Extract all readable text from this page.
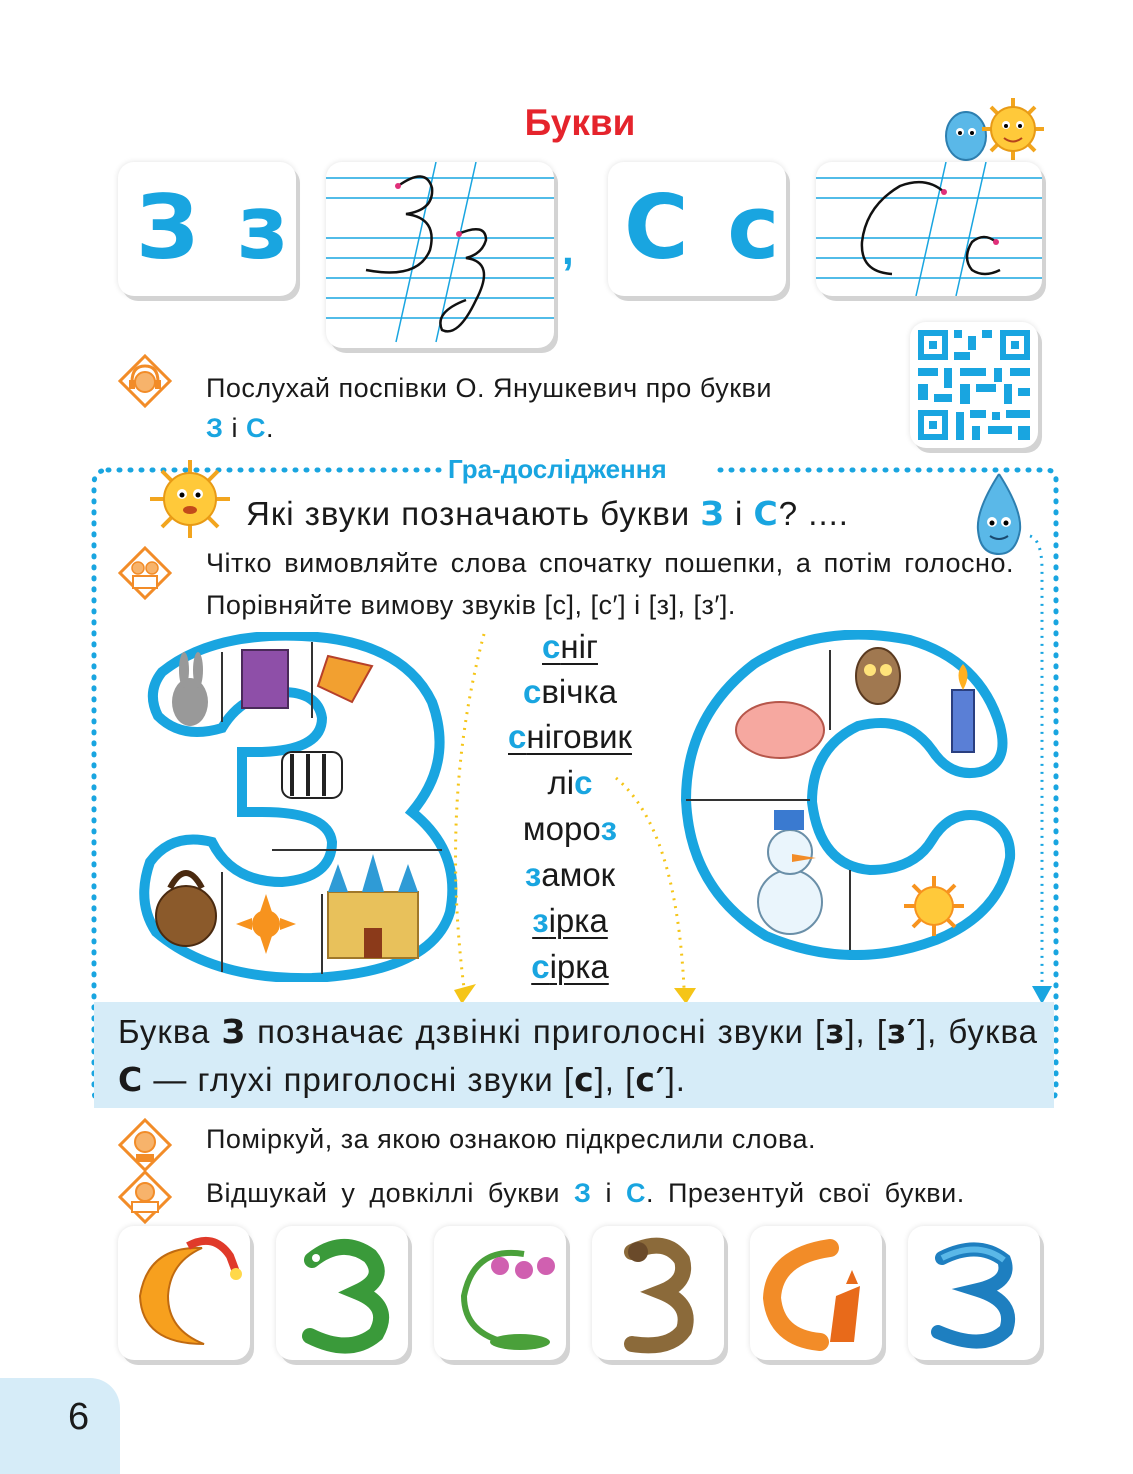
Букви
З з	, С с
Послухай поспівки О. Янушкевич про букви
З і С.
Гра-дослідження
Які звуки позначають букви З і С? ....
Чітко вимовляйте слова спочатку пошепки, а потім голосно. Порівняйте вимову звуків [с], [с′] і [з], [з′].
сніг
свічка
сніговик
ліс
мороз
замок
зірка
сірка
Буква З позначає дзвінкі приголосні звуки [з], [з′], буква С — глухі приголосні звуки [с], [с′].
Поміркуй, за якою ознакою підкреслили слова.
Відшукай у довкіллі букви З і С. Презентуй свої букви.
6
